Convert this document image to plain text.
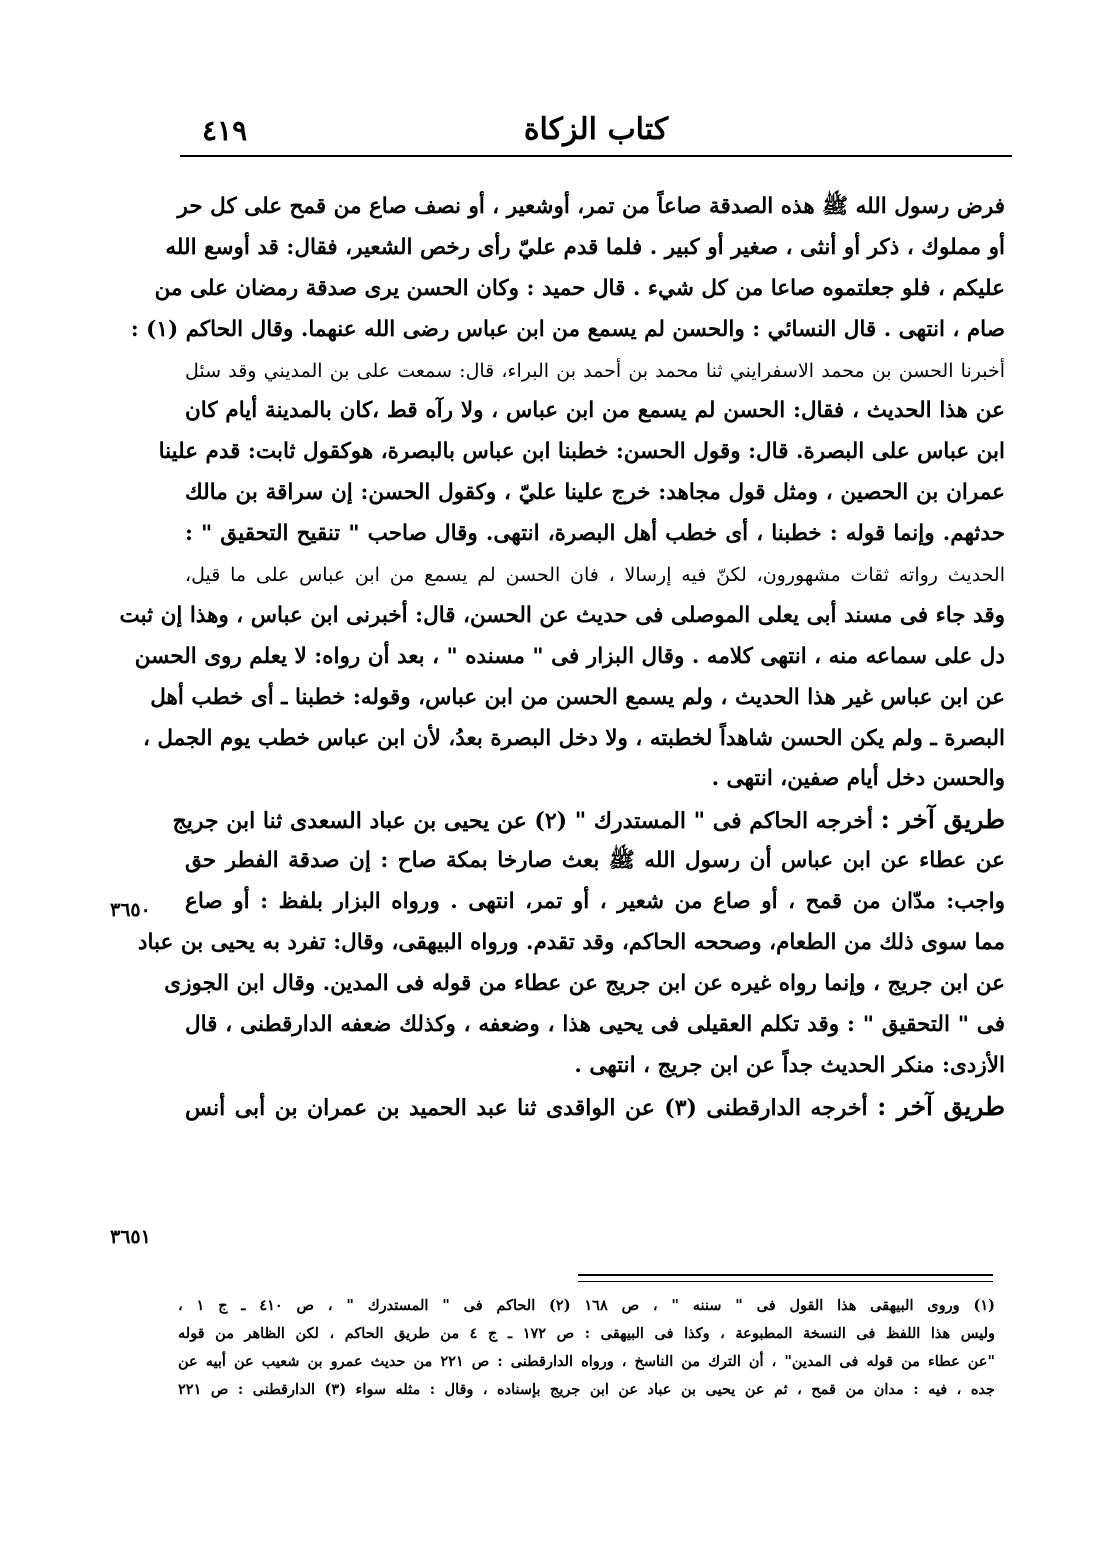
كتاب الزكاة
٤١٩
فرض رسول الله ﷺ هذه الصدقة صاعاً من تمر، أوشعير ، أو نصف صاع من قمح على كل حر
أو مملوك ، ذكر أو أنثى ، صغير أو كبير . فلما قدم عليّ رأى رخص الشعير، فقال: قد أوسع الله
عليكم ، فلو جعلتموه صاعا من كل شيء . قال حميد : وكان الحسن يرى صدقة رمضان على من
صام ، انتهى . قال النسائي : والحسن لم يسمع من ابن عباس رضى الله عنهما. وقال الحاكم (١) :
أخبرنا الحسن بن محمد الاسفرايني ثنا محمد بن أحمد بن البراء، قال: سمعت على بن المديني وقد سئل
عن هذا الحديث ، فقال: الحسن لم يسمع من ابن عباس ، ولا رآه قط ،كان بالمدينة أيام كان
ابن عباس على البصرة. قال: وقول الحسن: خطبنا ابن عباس بالبصرة، هوكقول ثابت: قدم علينا
عمران بن الحصين ، ومثل قول مجاهد: خرج علينا عليّ ، وكقول الحسن: إن سراقة بن مالك
حدثهم. وإنما قوله : خطبنا ، أى خطب أهل البصرة، انتهى. وقال صاحب " تنقيح التحقيق " :
الحديث رواته ثقات مشهورون، لكنّ فيه إرسالا ، فان الحسن لم يسمع من ابن عباس على ما قيل،
وقد جاء فى مسند أبى يعلى الموصلى فى حديث عن الحسن، قال: أخبرنى ابن عباس ، وهذا إن ثبت
دل على سماعه منه ، انتهى كلامه . وقال البزار فى " مسنده " ، بعد أن رواه: لا يعلم روى الحسن
عن ابن عباس غير هذا الحديث ، ولم يسمع الحسن من ابن عباس، وقوله: خطبنا ـ أى خطب أهل
البصرة ـ ولم يكن الحسن شاهداً لخطبته ، ولا دخل البصرة بعدُ، لأن ابن عباس خطب يوم الجمل ،
والحسن دخل أيام صفين، انتهى .
طريق آخر : أخرجه الحاكم فى " المستدرك " (٢) عن يحيى بن عباد السعدى ثنا ابن جريج
عن عطاء عن ابن عباس أن رسول الله ﷺ بعث صارخا بمكة صاح : إن صدقة الفطر حق
واجب: مدّان من قمح ، أو صاع من شعير ، أو تمر، انتهى . ورواه البزار بلفظ : أو صاع
مما سوى ذلك من الطعام، وصححه الحاكم، وقد تقدم. ورواه البيهقى، وقال: تفرد به يحيى بن عباد
عن ابن جريج ، وإنما رواه غيره عن ابن جريج عن عطاء من قوله فى المدين. وقال ابن الجوزى
فى " التحقيق " : وقد تكلم العقيلى فى يحيى هذا ، وضعفه ، وكذلك ضعفه الدارقطنى ، قال
الأزدى: منكر الحديث جداً عن ابن جريج ، انتهى .
طريق آخر : أخرجه الدارقطنى (٣) عن الواقدى ثنا عبد الحميد بن عمران بن أبى أنس
٣٦٥٠
٣٦٥١
(١) وروى البيهقى هذا القول فى " سننه " ، ص ١٦٨ (٢) الحاكم فى " المستدرك " ، ص ٤١٠ ـ ج ١ ،
وليس هذا اللفظ فى النسخة المطبوعة ، وكذا فى البيهقى : ص ١٧٢ ـ ج ٤ من طريق الحاكم ، لكن الظاهر من قوله
"عن عطاء من قوله فى المدين" ، أن الترك من الناسخ ، ورواه الدارقطنى : ص ٢٢١ من حديث عمرو بن شعيب عن أبيه عن
جده ، فيه : مدان من قمح ، ثم عن يحيى بن عباد عن ابن جريج بإسناده ، وقال : مثله سواء (٣) الدارقطنى : ص ٢٢١
